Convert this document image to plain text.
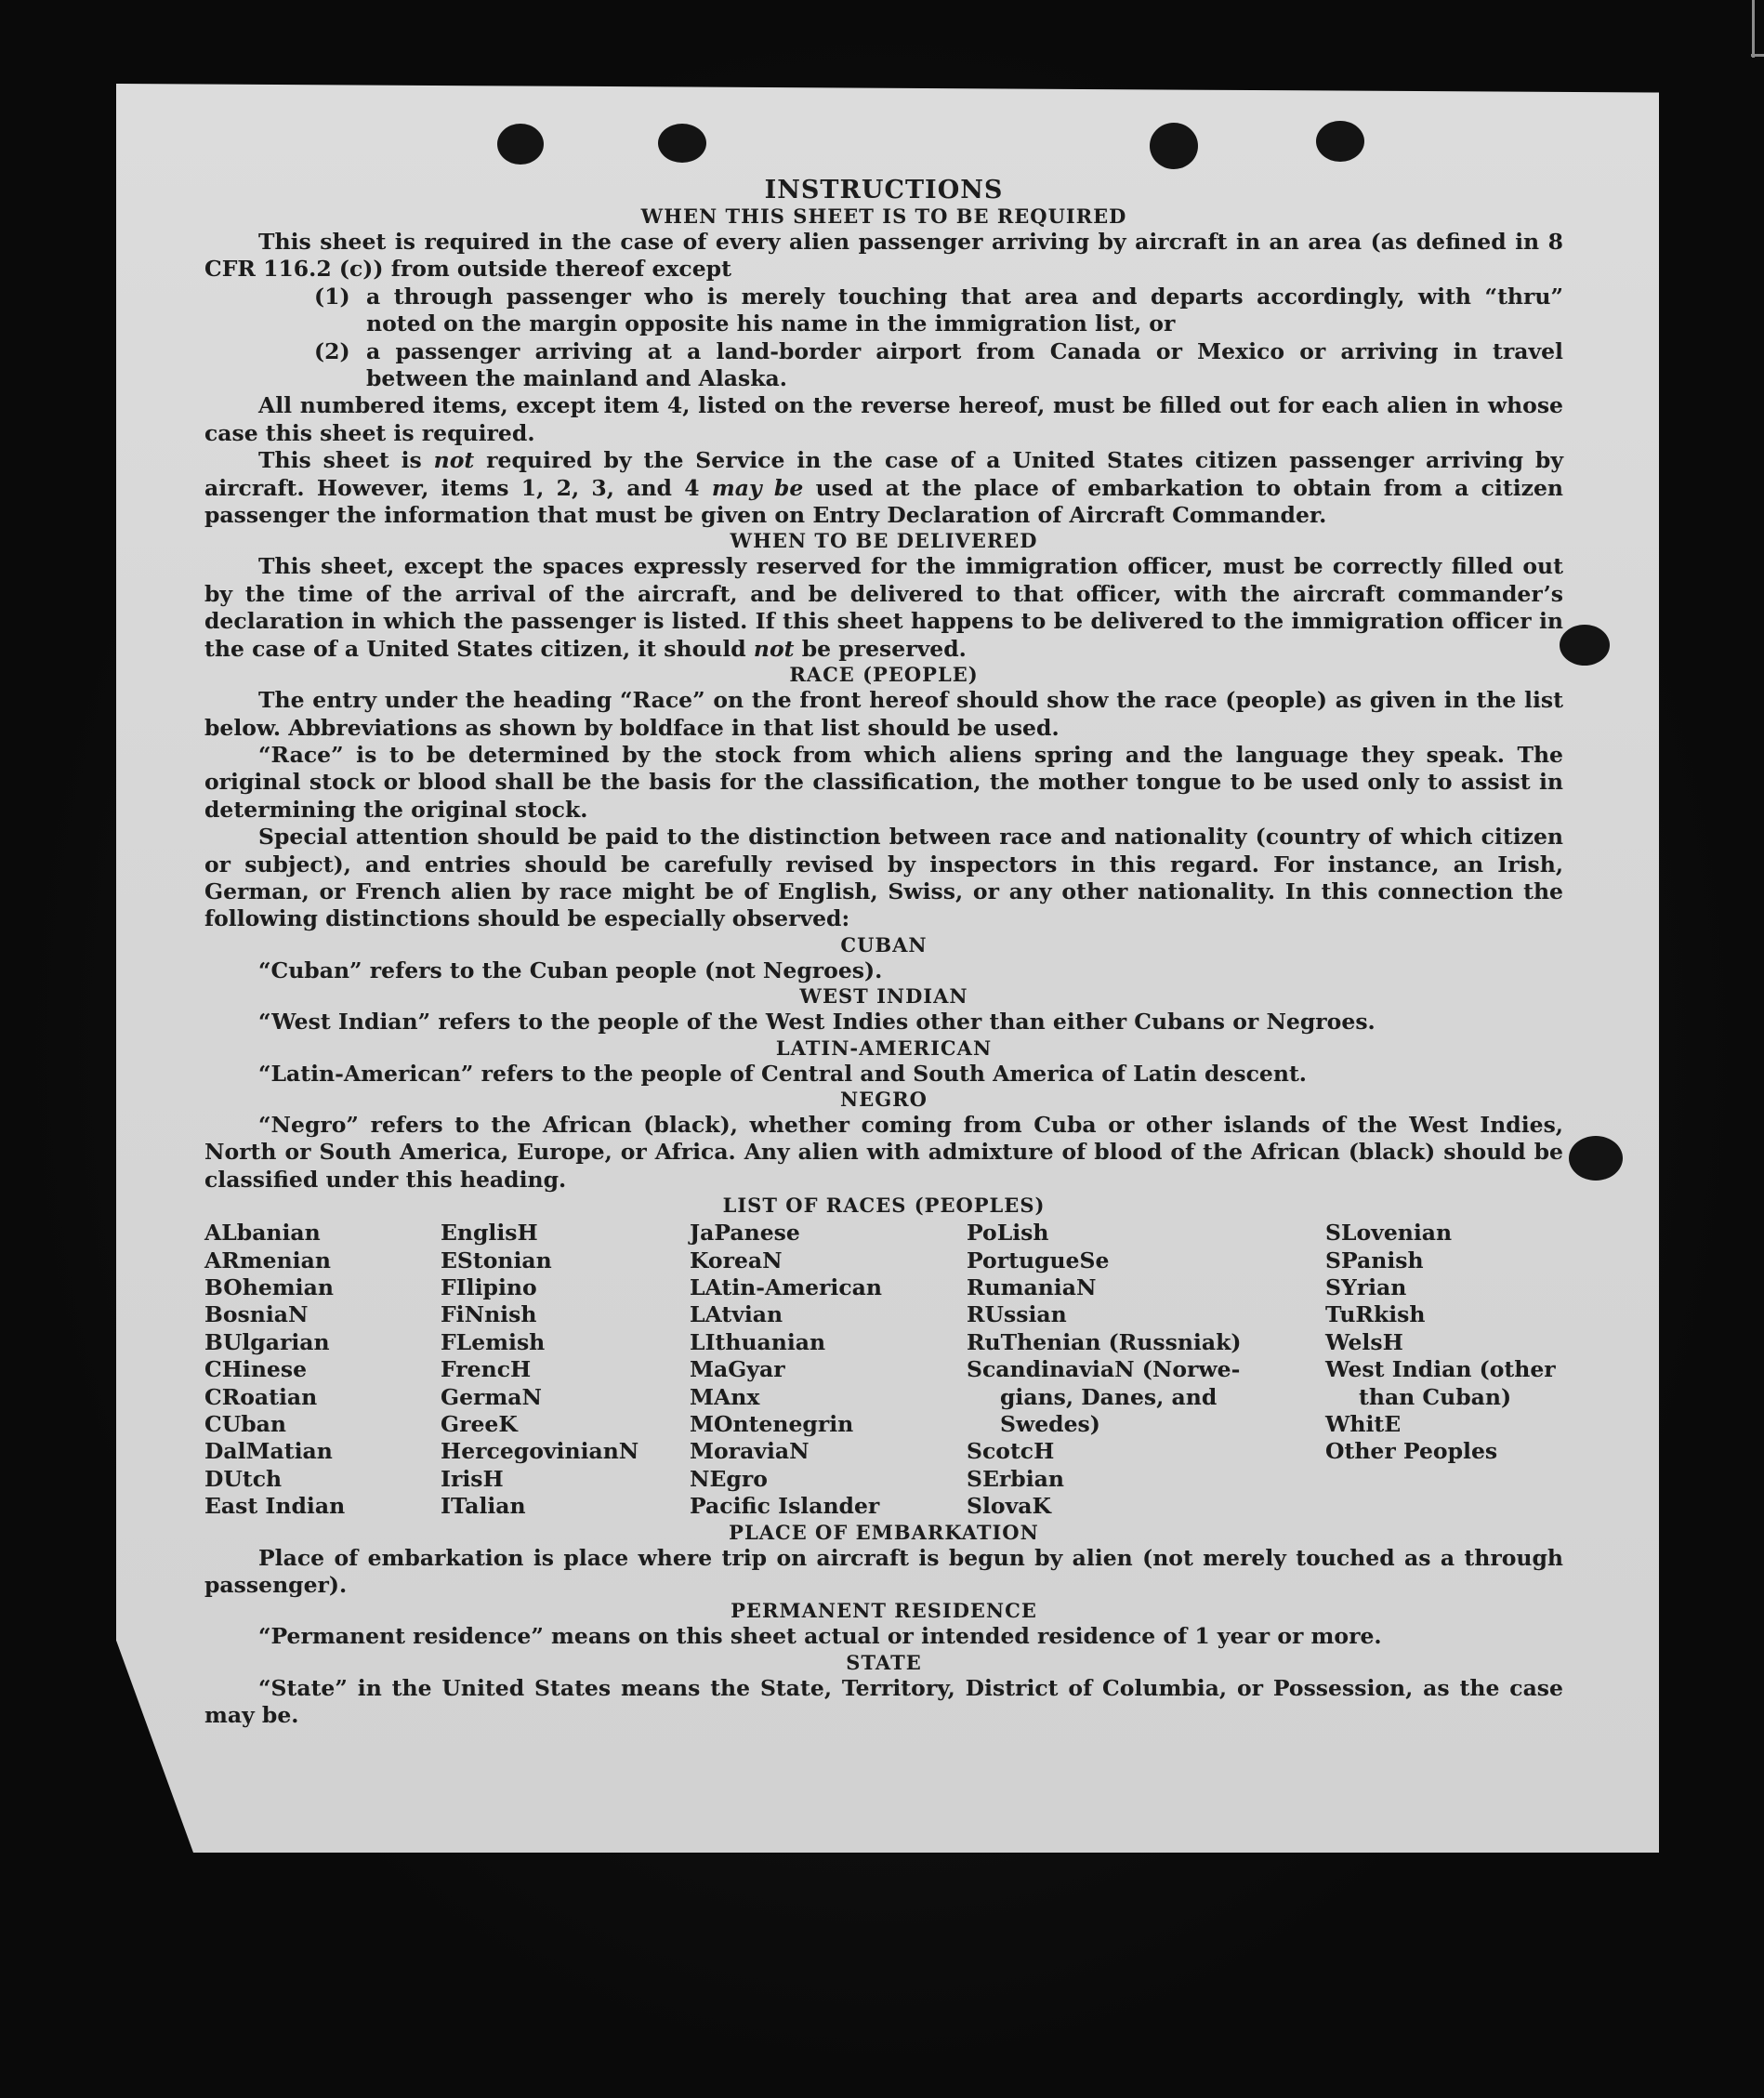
INSTRUCTIONS
WHEN THIS SHEET IS TO BE REQUIRED

This sheet is required in the case of every alien passenger arriving by aircraft in an area (as defined in 8 CFR 116.2 (c)) from outside thereof except

(1) a through passenger who is merely touching that area and departs accordingly, with “thru” noted on the margin opposite his name in the immigration list, or
(2) a passenger arriving at a land-border airport from Canada or Mexico or arriving in travel between the mainland and Alaska.

All numbered items, except item 4, listed on the reverse hereof, must be filled out for each alien in whose case this sheet is required.

This sheet is not required by the Service in the case of a United States citizen passenger arriving by aircraft. However, items 1, 2, 3, and 4 may be used at the place of embarkation to obtain from a citizen passenger the information that must be given on Entry Declaration of Aircraft Commander.

WHEN TO BE DELIVERED

This sheet, except the spaces expressly reserved for the immigration officer, must be correctly filled out by the time of the arrival of the aircraft, and be delivered to that officer, with the aircraft commander’s declaration in which the passenger is listed. If this sheet happens to be delivered to the immigration officer in the case of a United States citizen, it should not be preserved.

RACE (PEOPLE)

The entry under the heading “Race” on the front hereof should show the race (people) as given in the list below. Abbreviations as shown by boldface in that list should be used.

“Race” is to be determined by the stock from which aliens spring and the language they speak. The original stock or blood shall be the basis for the classification, the mother tongue to be used only to assist in determining the original stock.

Special attention should be paid to the distinction between race and nationality (country of which citizen or subject), and entries should be carefully revised by inspectors in this regard. For instance, an Irish, German, or French alien by race might be of English, Swiss, or any other nationality. In this connection the following distinctions should be especially observed:

CUBAN

“Cuban” refers to the Cuban people (not Negroes).

WEST INDIAN

“West Indian” refers to the people of the West Indies other than either Cubans or Negroes.

LATIN-AMERICAN

“Latin-American” refers to the people of Central and South America of Latin descent.

NEGRO

“Negro” refers to the African (black), whether coming from Cuba or other islands of the West Indies, North or South America, Europe, or Africa. Any alien with admixture of blood of the African (black) should be classified under this heading.

LIST OF RACES (PEOPLES)
ALbanian
ARmenian
BOhemian
BosniaN
BUlgarian
CHinese
CRoatian
CUban
DalMatian
DUtch
East Indian
EnglisH
EStonian
FIlipino
FiNnish
FLemish
FrencH
GermaN
GreeK
HercegovinianN
IrisH
ITalian
JaPanese
KoreaN
LAtin-American
LAtvian
LIthuanian
MaGyar
MAnx
MOntenegrin
MoraviaN
NEgro
Pacific Islander
PoLish
PortugueSe
RumaniaN
RUssian
RuThenian (Russniak)
ScandinaviaN (Norwe-
gians, Danes, and
Swedes)
ScotcH
SErbian
SlovaK
SLovenian
SPanish
SYrian
TuRkish
WelsH
West Indian (other
than Cuban)
WhitE
Other Peoples
PLACE OF EMBARKATION

Place of embarkation is place where trip on aircraft is begun by alien (not merely touched as a through passenger).

PERMANENT RESIDENCE

“Permanent residence” means on this sheet actual or intended residence of 1 year or more.

STATE

“State” in the United States means the State, Territory, District of Columbia, or Possession, as the case may be.
